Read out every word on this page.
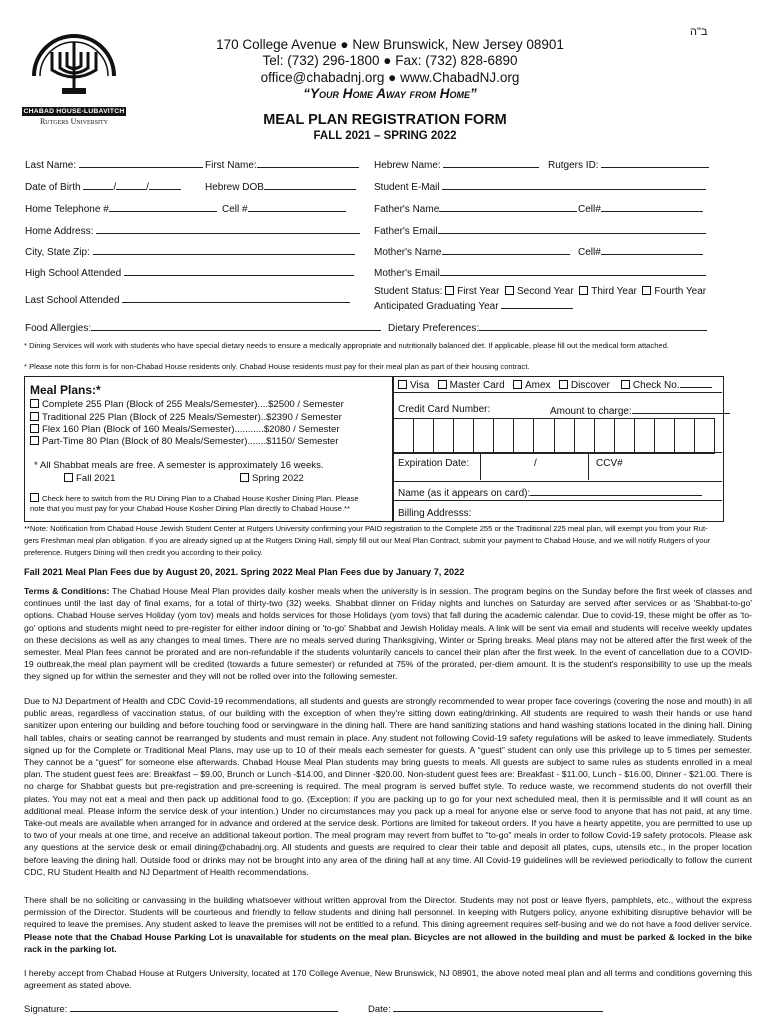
CHABAD HOUSE-LUBAVITCH
Rutgers University
ב"ה
170 College Avenue ● New Brunswick, New Jersey 08901
Tel: (732) 296-1800 ● Fax: (732) 828-6890
office@chabadnj.org ● www.ChabadNJ.org
“Your Home Away from Home”
MEAL PLAN REGISTRATION FORM
FALL 2021 – SPRING 2022
Last Name:	First Name:
Date of Birth	/	/	Hebrew DOB
Home Telephone #	Cell #
Home Address:
City, State Zip:
High School Attended
Last School Attended
Food Allergies:
Hebrew Name:	Rutgers ID:
Student E-Mail
Father's Name	Cell#
Father's Email
Mother's Name	Cell#
Mother's Email
Student Status: First Year Second Year Third Year Fourth Year
Anticipated Graduating Year
Dietary Preferences:
* Dining Services will work with students who have special dietary needs to ensure a medically appropriate and nutritionally balanced diet. If applicable, please fill out the medical form attached.
* Please note this form is for non-Chabad House residents only. Chabad House residents must pay for their meal plan as part of their housing contract.
Meal Plans:*
Complete 255 Plan (Block of 255 Meals/Semester)....$2500 / Semester
Traditional 225 Plan (Block of 225 Meals/Semester)..$2390 / Semester
Flex 160 Plan (Block of 160 Meals/Semester)...........$2080 / Semester
Part-Time 80 Plan (Block of 80 Meals/Semester).......$1150/ Semester
* All Shabbat meals are free. A semester is approximately 16 weeks.
Fall 2021	Spring 2022
Check here to switch from the RU Dining Plan to a Chabad House Kosher Dining Plan. Please
note that you must pay for your Chabad House Kosher Dining Plan directly to Chabad House.**
Visa Master Card Amex Discover Check No.
Credit Card Number:	Amount to charge:
Expiration Date:	/	CCV#
Name (as it appears on card):
Billing Addresss:
**Note: Notification from Chabad House Jewish Student Center at Rutgers University confirming your PAID registration to the Complete 255 or the Traditional 225 meal plan, will exempt you from your Rut-
gers Freshman meal plan obligation. If you are already signed up at the Rutgers Dining Hall, simply fill out our Meal Plan Contract, submit your payment to Chabad House, and we will notify Rutgers of your
preference. Rutgers Dining will then credit you according to their policy.
Fall 2021 Meal Plan Fees due by August 20, 2021. Spring 2022 Meal Plan Fees due by January 7, 2022
Terms & Conditions: The Chabad House Meal Plan provides daily kosher meals when the university is in session. The program begins on the Sunday before the first week of classes and continues until the last day of final exams, for a total of thirty-two (32) weeks. Shabbat dinner on Friday nights and lunches on Saturday are served after services or as 'Shabbat-to-go' options. Chabad House serves Holiday (yom tov) meals and holds services for those Holidays (yom tovs) that fall during the academic calendar. Due to covid-19, these might be offer as 'to-go' options and students might need to pre-register for either indoor dining or 'to-go' Shabbat and Jewish Holiday meals. A link will be sent via email and students will receive weekly updates on these decisions as well as any changes to meal times. There are no meals served during Thanksgiving, Winter or Spring breaks. Meal plans may not be altered after the first week of the semester. Meal Plan fees cannot be prorated and are non-refundable if the students voluntarily cancels to cancel their plan after the first week. In the event of cancellation due to a COVID-19 outbreak,the meal plan payment will be credited (towards a future semester) or refunded at 75% of the prorated, per-diem amount. It is the student's responsibility to use up the meals they signed up for within the semester and they will not be rolled over into the following semester.
Due to NJ Department of Health and CDC Covid-19 recommendations, all students and guests are strongly recommended to wear proper face coverings (covering the nose and mouth) in all public areas, regardless of vaccination status, of our building with the exception of when they're sitting down eating/drinking. All students are required to wash their hands or use hand sanitizer upon entering our building and before touching food or servingware in the dining hall. There are hand sanitizing stations and hand washing stations located in the dining hall. Dining hall tables, chairs or seating cannot be rearranged by students and must remain in place. Any student not following Covid-19 safety regulations will be asked to leave immediately. Students signed up for the Complete or Traditional Meal Plans, may use up to 10 of their meals each semester for guests. A “guest” student can only use this privilege up to 5 times per semester. They cannot be a “guest” for someone else afterwards. Chabad House Meal Plan students may bring guests to meals. All guests are subject to same rules as students enrolled in a meal plan. The student guest fees are: Breakfast – $9.00, Brunch or Lunch -$14.00, and Dinner -$20.00. Non-student guest fees are: Breakfast - $11.00, Lunch - $16.00, Dinner - $21.00. There is no charge for Shabbat guests but pre-registration and pre-screening is required. The meal program is served buffet style. To reduce waste, we recommend students do not overfill their plates. You may not eat a meal and then pack up additional food to go. (Exception: if you are packing up to go for your next scheduled meal, then it is permissible and it will count as an additional meal. Please inform the service desk of your intention.) Under no circumstances may you pack up a meal for anyone else or serve food to anyone that has not paid, at any time. Take-out meals are available when arranged for in advance and ordered at the service desk. Portions are limited for takeout orders. If you have a hearty appetite, you are permitted to use up to two of your meals at one time, and receive an additional takeout portion. The meal program may revert from buffet to "to-go" meals in order to follow Covid-19 safety protocols. Please ask any questions at the service desk or email dining@chabadnj.org. All students and guests are required to clear their table and deposit all plates, cups, utensils etc., in the proper location before leaving the dining hall. Outside food or drinks may not be brought into any area of the dining hall at any time. All Covid-19 guidelines will be reviewed periodically to follow the current CDC, RU Student Health and NJ Department of Health recommendations.
There shall be no soliciting or canvassing in the building whatsoever without written approval from the Director. Students may not post or leave flyers, pamphlets, etc., without the express permission of the Director. Students will be courteous and friendly to fellow students and dining hall personnel. In keeping with Rutgers policy, anyone exhibiting disruptive behavior will be required to leave the premises. Any student asked to leave the premises will not be entitled to a refund. This dining agreement requires self-busing and we do not have a food deliver service. Please note that the Chabad House Parking Lot is unavailable for students on the meal plan. Bicycles are not allowed in the building and must be parked & locked in the bike rack in the parking lot.
I hereby accept from Chabad House at Rutgers University, located at 170 College Avenue, New Brunswick, NJ 08901, the above noted meal plan and all terms and conditions governing this agreement as stated above.
Signature:	Date:
